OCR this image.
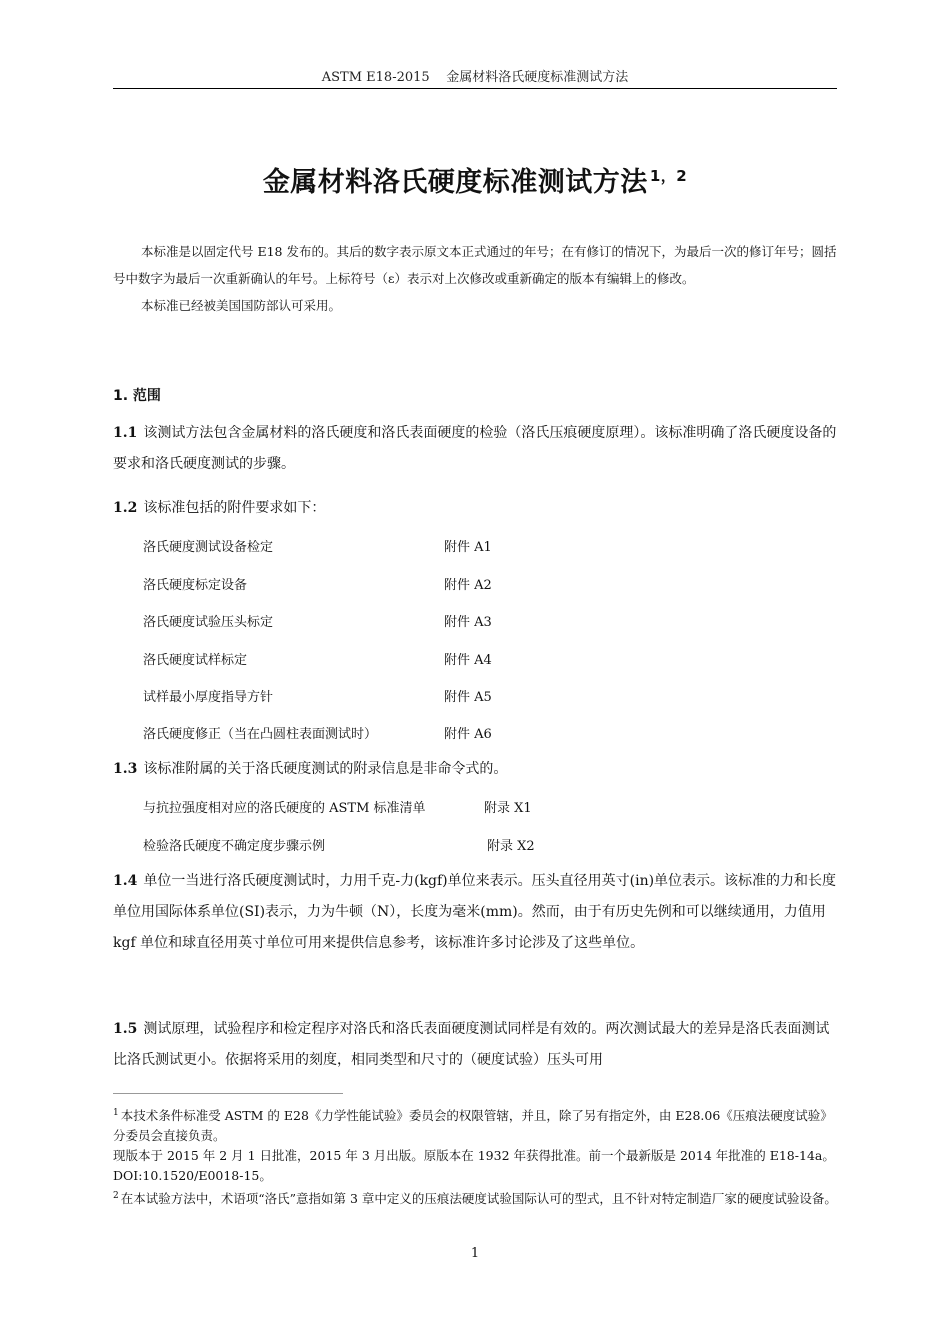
ASTM E18-2015    金属材料洛氏硬度标准测试方法
金属材料洛氏硬度标准测试方法 $^{1,2}$

本标准是以固定代号 E18 发布的。其后的数字表示原文本正式通过的年号；在有修订的情况下，为最后一次的修订年号；圆括号中数字为最后一次重新确认的年号。上标符号（ε）表示对上次修改或重新确定的版本有编辑上的修改。

本标准已经被美国国防部认可采用。

1. 范围

1.1 该测试方法包含金属材料的洛氏硬度和洛氏表面硬度的检验（洛氏压痕硬度原理）。该标准明确了洛氏硬度设备的要求和洛氏硬度测试的步骤。

1.2 该标准包括的附件要求如下：

洛氏硬度测试设备检定	附件 A1
洛氏硬度标定设备	附件 A2
洛氏硬度试验压头标定	附件 A3
洛氏硬度试样标定	附件 A4
试样最小厚度指导方针	附件 A5
洛氏硬度修正（当在凸圆柱表面测试时）	附件 A6

1.3 该标准附属的关于洛氏硬度测试的附录信息是非命令式的。

与抗拉强度相对应的洛氏硬度的 ASTM 标准清单	附录 X1
检验洛氏硬度不确定度步骤示例	附录 X2

1.4 单位一当进行洛氏硬度测试时，力用千克-力(kgf)单位来表示。压头直径用英寸(in)单位表示。该标准的力和长度单位用国际体系单位(SI)表示，力为牛顿（N），长度为毫米(mm)。然而，由于有历史先例和可以继续通用，力值用 kgf 单位和球直径用英寸单位可用来提供信息参考，该标准许多讨论涉及了这些单位。

1.5 测试原理，试验程序和检定程序对洛氏和洛氏表面硬度测试同样是有效的。两次测试最大的差异是洛氏表面测试比洛氏测试更小。依据将采用的刻度，相同类型和尺寸的（硬度试验）压头可用

$^1$ 本技术条件标准受 ASTM 的 E28《力学性能试验》委员会的权限管辖，并且，除了另有指定外，由 E28.06《压痕法硬度试验》分委员会直接负责。

现版本于 2015 年 2 月 1 日批准，2015 年 3 月出版。原版本在 1932 年获得批准。前一个最新版是 2014 年批准的 E18-14a。DOI:10.1520/E0018-15。

$^2$ 在本试验方法中，术语项“洛氏”意指如第 3 章中定义的压痕法硬度试验国际认可的型式，且不针对特定制造厂家的硬度试验设备。

1
